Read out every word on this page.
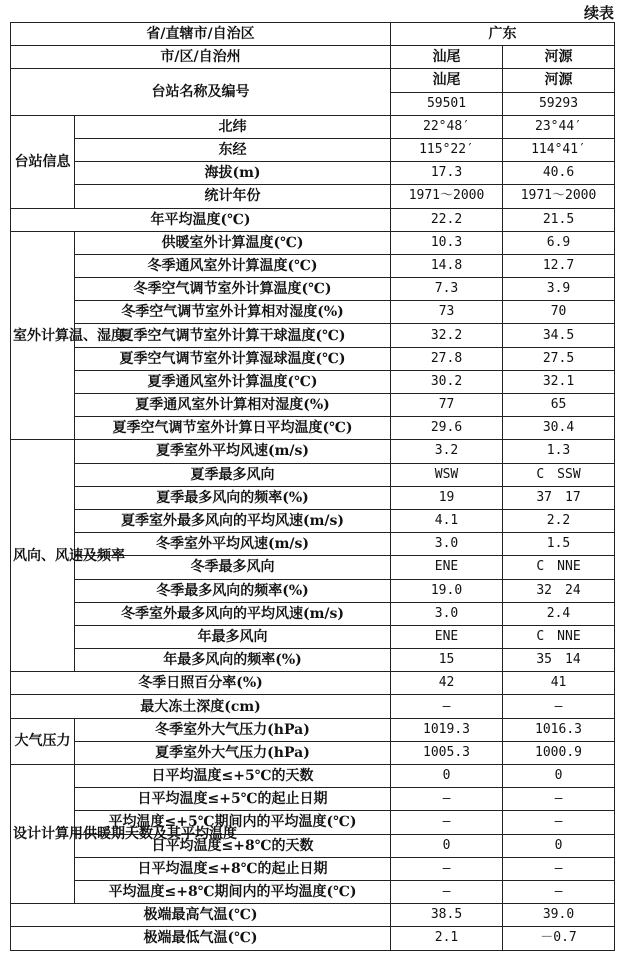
续表
省/直辖市/自治区		广东	
市/区/自治州		汕尾	河源
台站名称及编号		汕尾	河源
		59501	59293
台站信息	北纬	22°48′	23°44′
	东经	115°22′	114°41′
	海拔(m)	17.3	40.6
	统计年份	1971～2000	1971～2000
年平均温度(℃)		22.2	21.5
室外计算温、湿度	供暖室外计算温度(℃)	10.3	6.9
	冬季通风室外计算温度(℃)	14.8	12.7
	冬季空气调节室外计算温度(℃)	7.3	3.9
	冬季空气调节室外计算相对湿度(%)	73	70
	夏季空气调节室外计算干球温度(℃)	32.2	34.5
	夏季空气调节室外计算湿球温度(℃)	27.8	27.5
	夏季通风室外计算温度(℃)	30.2	32.1
	夏季通风室外计算相对湿度(%)	77	65
	夏季空气调节室外计算日平均温度(℃)	29.6	30.4
风向、风速及频率	夏季室外平均风速(m/s)	3.2	1.3
	夏季最多风向	WSW	C　SSW
	夏季最多风向的频率(%)	19	37　17
	夏季室外最多风向的平均风速(m/s)	4.1	2.2
	冬季室外平均风速(m/s)	3.0	1.5
	冬季最多风向	ENE	C　NNE
	冬季最多风向的频率(%)	19.0	32　24
	冬季室外最多风向的平均风速(m/s)	3.0	2.4
	年最多风向	ENE	C　NNE
	年最多风向的频率(%)	15	35　14
冬季日照百分率(%)		42	41
最大冻土深度(cm)		—	—
大气压力	冬季室外大气压力(hPa)	1019.3	1016.3
	夏季室外大气压力(hPa)	1005.3	1000.9
设计计算用供暖期天数及其平均温度	日平均温度≤+5℃的天数	0	0
	日平均温度≤+5℃的起止日期	—	—
	平均温度≤+5℃期间内的平均温度(℃)	—	—
	日平均温度≤+8℃的天数	0	0
	日平均温度≤+8℃的起止日期	—	—
	平均温度≤+8℃期间内的平均温度(℃)	—	—
极端最高气温(℃)		38.5	39.0
极端最低气温(℃)		2.1	－0.7
